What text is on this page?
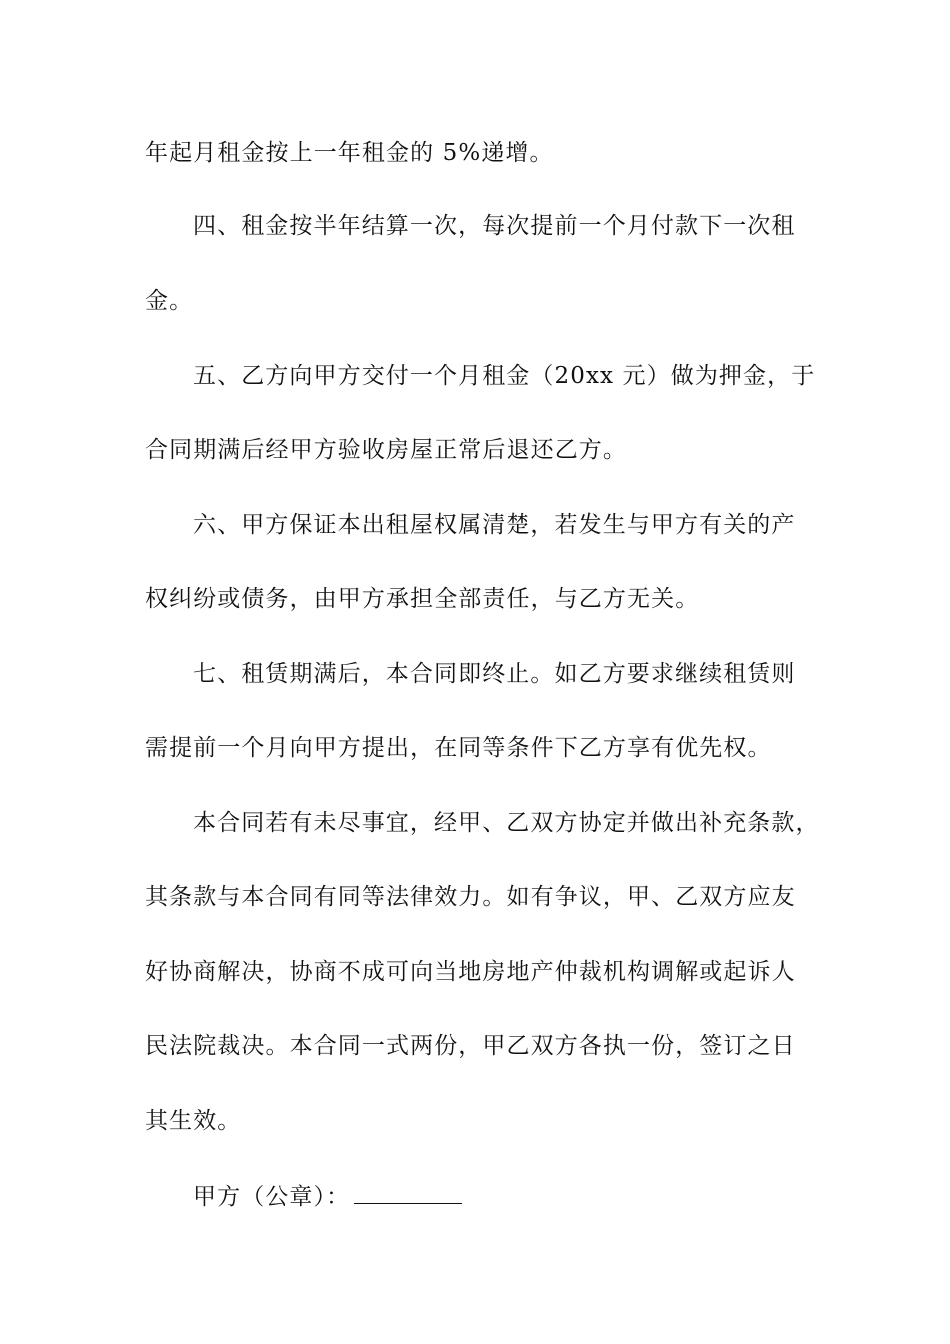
年起月租金按上一年租金的 5%递增。
四、租金按半年结算一次，每次提前一个月付款下一次租
金。
五、乙方向甲方交付一个月租金（20xx 元）做为押金，于
合同期满后经甲方验收房屋正常后退还乙方。
六、甲方保证本出租屋权属清楚，若发生与甲方有关的产
权纠纷或债务，由甲方承担全部责任，与乙方无关。
七、租赁期满后，本合同即终止。如乙方要求继续租赁则
需提前一个月向甲方提出，在同等条件下乙方享有优先权。
本合同若有未尽事宜，经甲、乙双方协定并做出补充条款，
其条款与本合同有同等法律效力。如有争议，甲、乙双方应友
好协商解决，协商不成可向当地房地产仲裁机构调解或起诉人
民法院裁决。本合同一式两份，甲乙双方各执一份，签订之日
其生效。
甲方（公章）：
